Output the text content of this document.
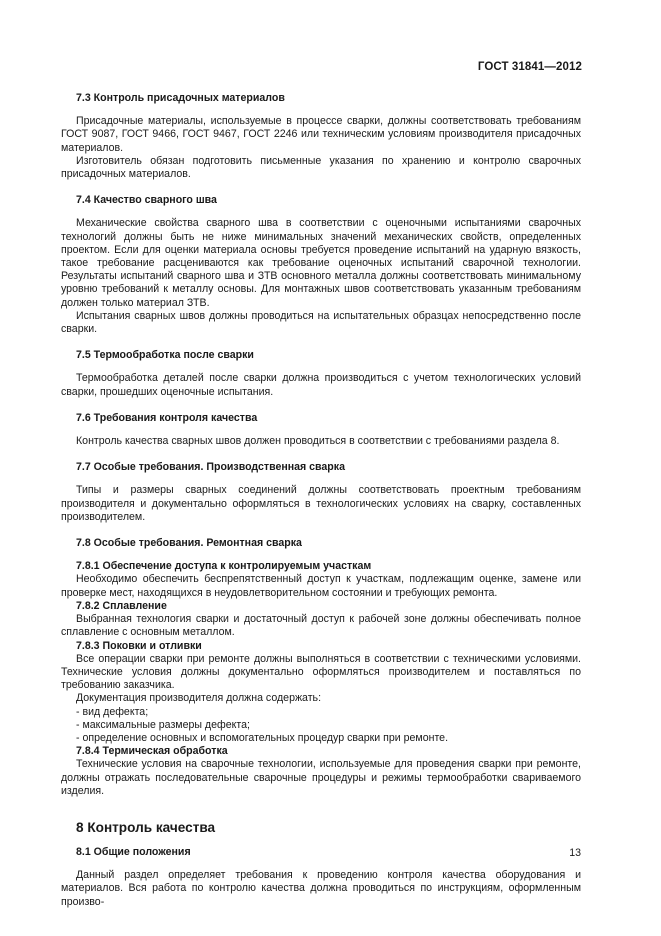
ГОСТ 31841—2012
7.3 Контроль присадочных материалов

Присадочные материалы, используемые в процессе сварки, должны соответствовать требованиям ГОСТ 9087, ГОСТ 9466, ГОСТ 9467, ГОСТ 2246 или техническим условиям производителя присадочных материалов.

Изготовитель обязан подготовить письменные указания по хранению и контролю сварочных присадочных материалов.

7.4 Качество сварного шва

Механические свойства сварного шва в соответствии с оценочными испытаниями сварочных технологий должны быть не ниже минимальных значений механических свойств, определенных проектом. Если для оценки материала основы требуется проведение испытаний на ударную вязкость, такое требование расцениваются как требование оценочных испытаний сварочной технологии. Результаты испытаний сварного шва и ЗТВ основного металла должны соответствовать минимальному уровню требований к металлу основы. Для монтажных швов соответствовать указанным требованиям должен только материал ЗТВ.

Испытания сварных швов должны проводиться на испытательных образцах непосредственно после сварки.

7.5 Термообработка после сварки

Термообработка деталей после сварки должна производиться с учетом технологических условий сварки, прошедших оценочные испытания.

7.6 Требования контроля качества

Контроль качества сварных швов должен проводиться в соответствии с требованиями раздела 8.

7.7 Особые требования. Производственная сварка

Типы и размеры сварных соединений должны соответствовать проектным требованиям производителя и документально оформляться в технологических условиях на сварку, составленных производителем.

7.8 Особые требования. Ремонтная сварка
7.8.1 Обеспечение доступа к контролируемым участкам

Необходимо обеспечить беспрепятственный доступ к участкам, подлежащим оценке, замене или проверке мест, находящихся в неудовлетворительном состоянии и требующих ремонта.

7.8.2 Сплавление

Выбранная технология сварки и достаточный доступ к рабочей зоне должны обеспечивать полное сплавление с основным металлом.

7.8.3 Поковки и отливки

Все операции сварки при ремонте должны выполняться в соответствии с техническими условиями. Технические условия должны документально оформляться производителем и поставляться по требованию заказчика.

Документация производителя должна содержать:

- вид дефекта;

- максимальные размеры дефекта;

- определение основных и вспомогательных процедур сварки при ремонте.

7.8.4 Термическая обработка

Технические условия на сварочные технологии, используемые для проведения сварки при ремонте, должны отражать последовательные сварочные процедуры и режимы термообработки свариваемого изделия.

8 Контроль качества
8.1 Общие положения

Данный раздел определяет требования к проведению контроля качества оборудования и материалов. Вся работа по контролю качества должна проводиться по инструкциям, оформленным произво-

13
